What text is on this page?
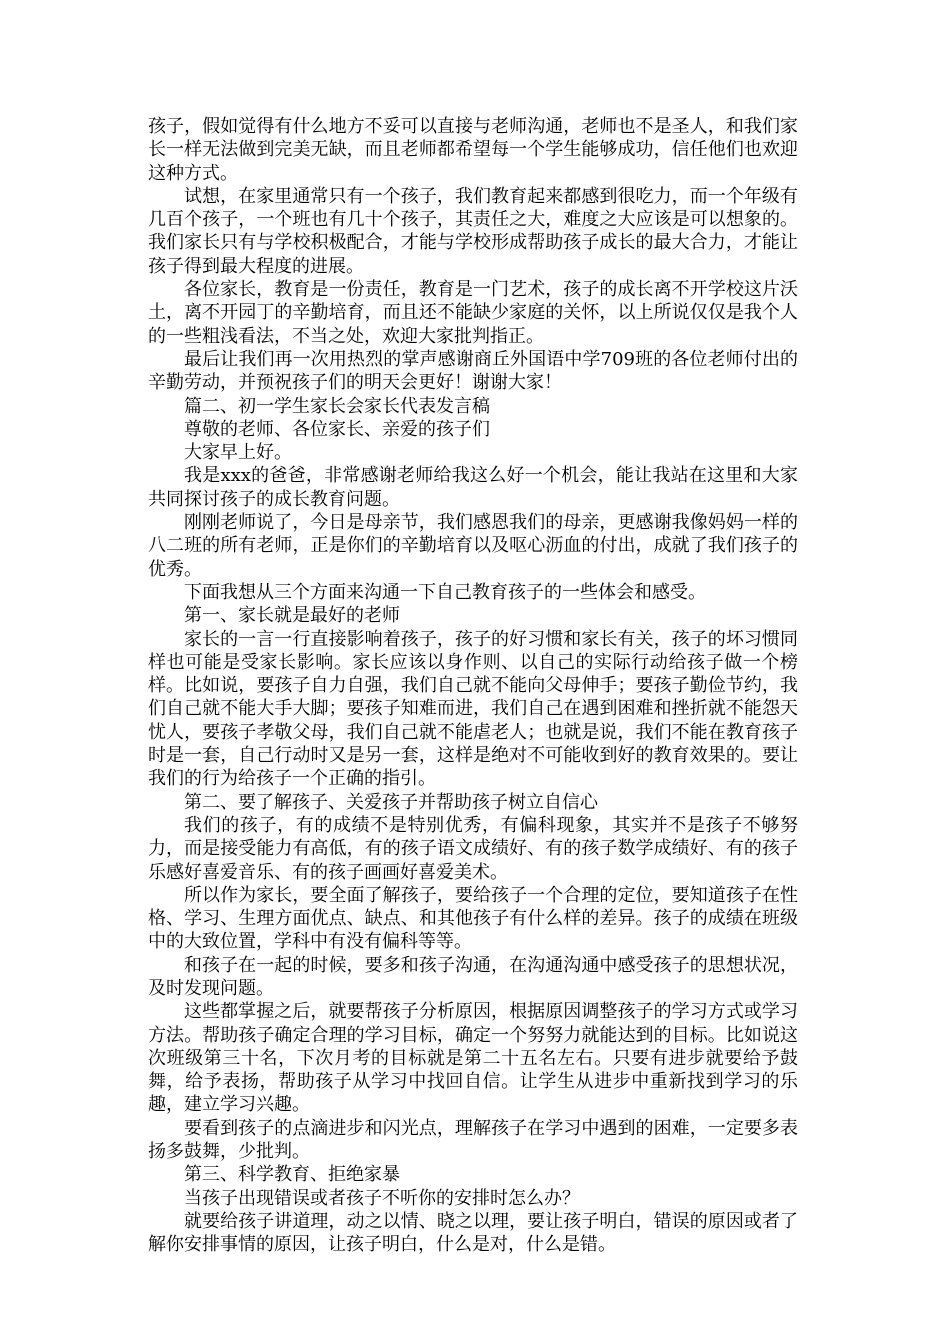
孩子，假如觉得有什么地方不妥可以直接与老师沟通，老师也不是圣人，和我们家长一样无法做到完美无缺，而且老师都希望每一个学生能够成功，信任他们也欢迎这种方式。

试想，在家里通常只有一个孩子，我们教育起来都感到很吃力，而一个年级有几百个孩子，一个班也有几十个孩子，其责任之大，难度之大应该是可以想象的。我们家长只有与学校积极配合，才能与学校形成帮助孩子成长的最大合力，才能让孩子得到最大程度的进展。

各位家长，教育是一份责任，教育是一门艺术，孩子的成长离不开学校这片沃土，离不开园丁的辛勤培育，而且还不能缺少家庭的关怀，以上所说仅仅是我个人的一些粗浅看法，不当之处，欢迎大家批判指正。

最后让我们再一次用热烈的掌声感谢商丘外国语中学709班的各位老师付出的辛勤劳动，并预祝孩子们的明天会更好！谢谢大家！

篇二、初一学生家长会家长代表发言稿

尊敬的老师、各位家长、亲爱的孩子们

大家早上好。

我是xxx的爸爸，非常感谢老师给我这么好一个机会，能让我站在这里和大家共同探讨孩子的成长教育问题。

刚刚老师说了，今日是母亲节，我们感恩我们的母亲，更感谢我像妈妈一样的八二班的所有老师，正是你们的辛勤培育以及呕心沥血的付出，成就了我们孩子的优秀。

下面我想从三个方面来沟通一下自己教育孩子的一些体会和感受。

第一、家长就是最好的老师

家长的一言一行直接影响着孩子，孩子的好习惯和家长有关，孩子的坏习惯同样也可能是受家长影响。家长应该以身作则、以自己的实际行动给孩子做一个榜样。比如说，要孩子自力自强，我们自己就不能向父母伸手；要孩子勤俭节约，我们自己就不能大手大脚；要孩子知难而进，我们自己在遇到困难和挫折就不能怨天忧人，要孩子孝敬父母，我们自己就不能虐老人；也就是说，我们不能在教育孩子时是一套，自己行动时又是另一套，这样是绝对不可能收到好的教育效果的。要让我们的行为给孩子一个正确的指引。

第二、要了解孩子、关爱孩子并帮助孩子树立自信心

我们的孩子，有的成绩不是特别优秀，有偏科现象，其实并不是孩子不够努力，而是接受能力有高低，有的孩子语文成绩好、有的孩子数学成绩好、有的孩子乐感好喜爱音乐、有的孩子画画好喜爱美术。

所以作为家长，要全面了解孩子，要给孩子一个合理的定位，要知道孩子在性格、学习、生理方面优点、缺点、和其他孩子有什么样的差异。孩子的成绩在班级中的大致位置，学科中有没有偏科等等。

和孩子在一起的时候，要多和孩子沟通，在沟通沟通中感受孩子的思想状况，及时发现问题。

这些都掌握之后，就要帮孩子分析原因，根据原因调整孩子的学习方式或学习方法。帮助孩子确定合理的学习目标，确定一个努努力就能达到的目标。比如说这次班级第三十名，下次月考的目标就是第二十五名左右。只要有进步就要给予鼓舞，给予表扬，帮助孩子从学习中找回自信。让学生从进步中重新找到学习的乐趣，建立学习兴趣。

要看到孩子的点滴进步和闪光点，理解孩子在学习中遇到的困难，一定要多表扬多鼓舞，少批判。

第三、科学教育、拒绝家暴

当孩子出现错误或者孩子不听你的安排时怎么办？

就要给孩子讲道理，动之以情、晓之以理，要让孩子明白，错误的原因或者了解你安排事情的原因，让孩子明白，什么是对，什么是错。
